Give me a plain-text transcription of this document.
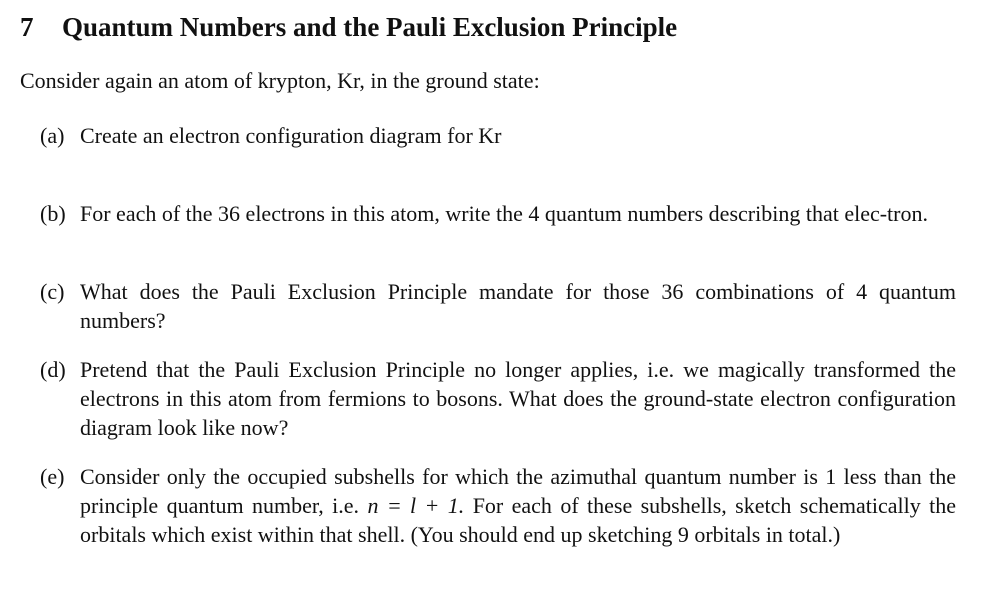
7 Quantum Numbers and the Pauli Exclusion Principle
Consider again an atom of krypton, Kr, in the ground state:
(a) Create an electron configuration diagram for Kr
(b) For each of the 36 electrons in this atom, write the 4 quantum numbers describing that elec-tron.
(c) What does the Pauli Exclusion Principle mandate for those 36 combinations of 4 quantum numbers?
(d) Pretend that the Pauli Exclusion Principle no longer applies, i.e. we magically transformed the electrons in this atom from fermions to bosons. What does the ground-state electron configuration diagram look like now?
(e) Consider only the occupied subshells for which the azimuthal quantum number is 1 less than the principle quantum number, i.e. n = l + 1. For each of these subshells, sketch schematically the orbitals which exist within that shell. (You should end up sketching 9 orbitals in total.)
